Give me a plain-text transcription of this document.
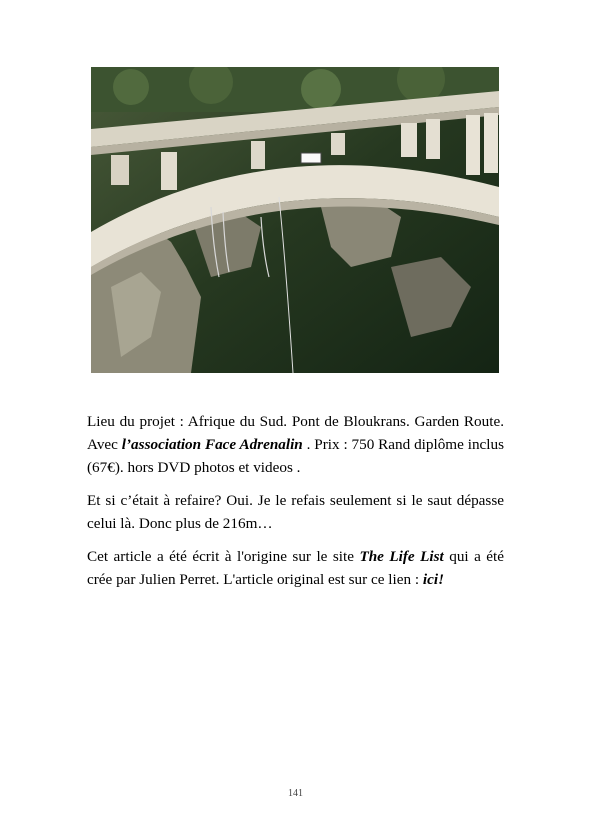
Lieu du projet : Afrique du Sud. Pont de Bloukrans. Garden Route. Avec l’association Face Adrenalin . Prix : 750 Rand diplôme inclus (67€). hors DVD photos et videos .

Et si c’était à refaire? Oui. Je le refais seulement si le saut dépasse celui là. Donc plus de 216m…

Cet article a été écrit à l'origine sur le site The Life List qui a été crée par Julien Perret. L'article original est sur ce lien : ici!

141
